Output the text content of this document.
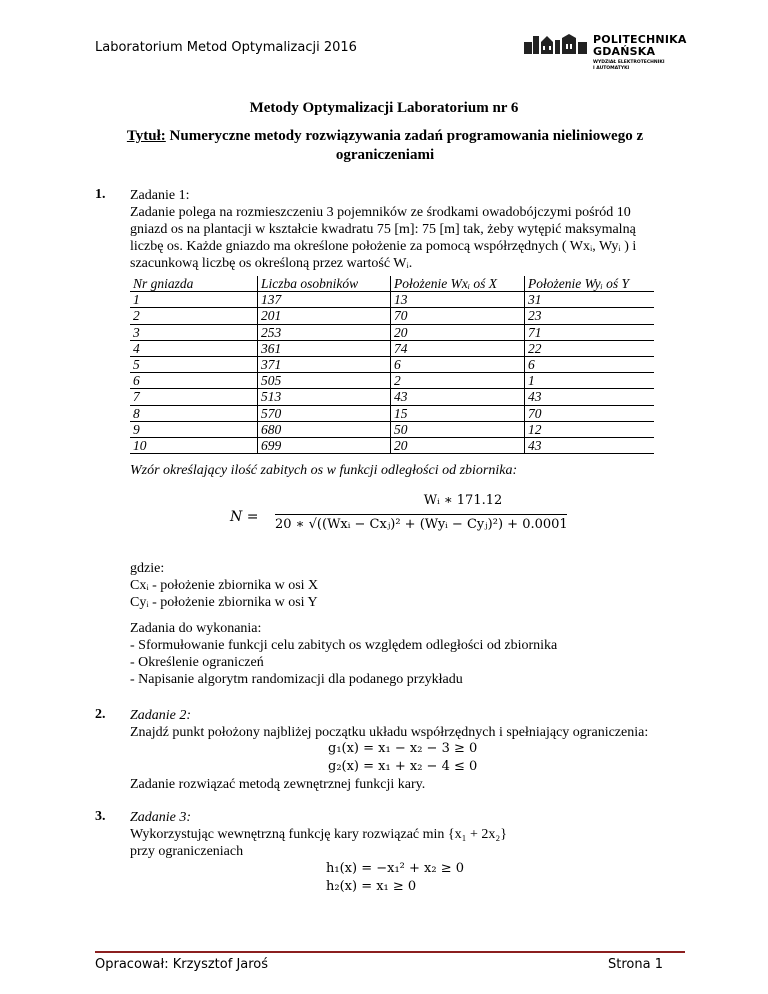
Laboratorium Metod Optymalizacji 2016
POLITECHNIKA
GDAŃSKA
WYDZIAŁ ELEKTROTECHNIKI
I AUTOMATYKI
Metody Optymalizacji Laboratorium nr 6
Tytuł: Numeryczne metody rozwiązywania zadań programowania nieliniowego z ograniczeniami
1. Zadanie 1:
Zadanie polega na rozmieszczeniu 3 pojemników ze środkami owadobójczymi pośród 10
gniazd os na plantacji w kształcie kwadratu 75 [m]: 75 [m] tak, żeby wytępić maksymalną
liczbę os. Każde gniazdo ma określone położenie za pomocą współrzędnych ( Wxᵢ, Wyᵢ ) i
szacunkową liczbę os określoną przez wartość Wᵢ.
Nr gniazda	Liczba osobników	Położenie Wxᵢ oś X	Położenie Wyᵢ oś Y
1	137	13	31
2	201	70	23
3	253	20	71
4	361	74	22
5	371	6	6
6	505	2	1
7	513	43	43
8	570	15	70
9	680	50	12
10	699	20	43
Wzór określający ilość zabitych os w funkcji odległości od zbiornika:
N =
Wᵢ ∗ 171.12
20 ∗ √((Wxᵢ − Cxⱼ)² + (Wyᵢ − Cyⱼ)²) + 0.0001
gdzie:
Cxᵢ - położenie zbiornika w osi X
Cyᵢ - położenie zbiornika w osi Y
Zadania do wykonania:
- Sformułowanie funkcji celu zabitych os względem odległości od zbiornika
- Określenie ograniczeń
- Napisanie algorytm randomizacji dla podanego przykładu
2. Zadanie 2:
Znajdź punkt położony najbliżej początku układu współrzędnych i spełniający ograniczenia:
g₁(x) = x₁ − x₂ − 3 ≥ 0
g₂(x) = x₁ + x₂ − 4 ≤ 0
Zadanie rozwiązać metodą zewnętrznej funkcji kary.
3. Zadanie 3:
Wykorzystując wewnętrzną funkcję kary rozwiązać min {x₁ + 2x₂}
przy ograniczeniach
h₁(x) = −x₁² + x₂ ≥ 0
h₂(x) = x₁ ≥ 0
Opracował: Krzysztof Jaroś	Strona 1
